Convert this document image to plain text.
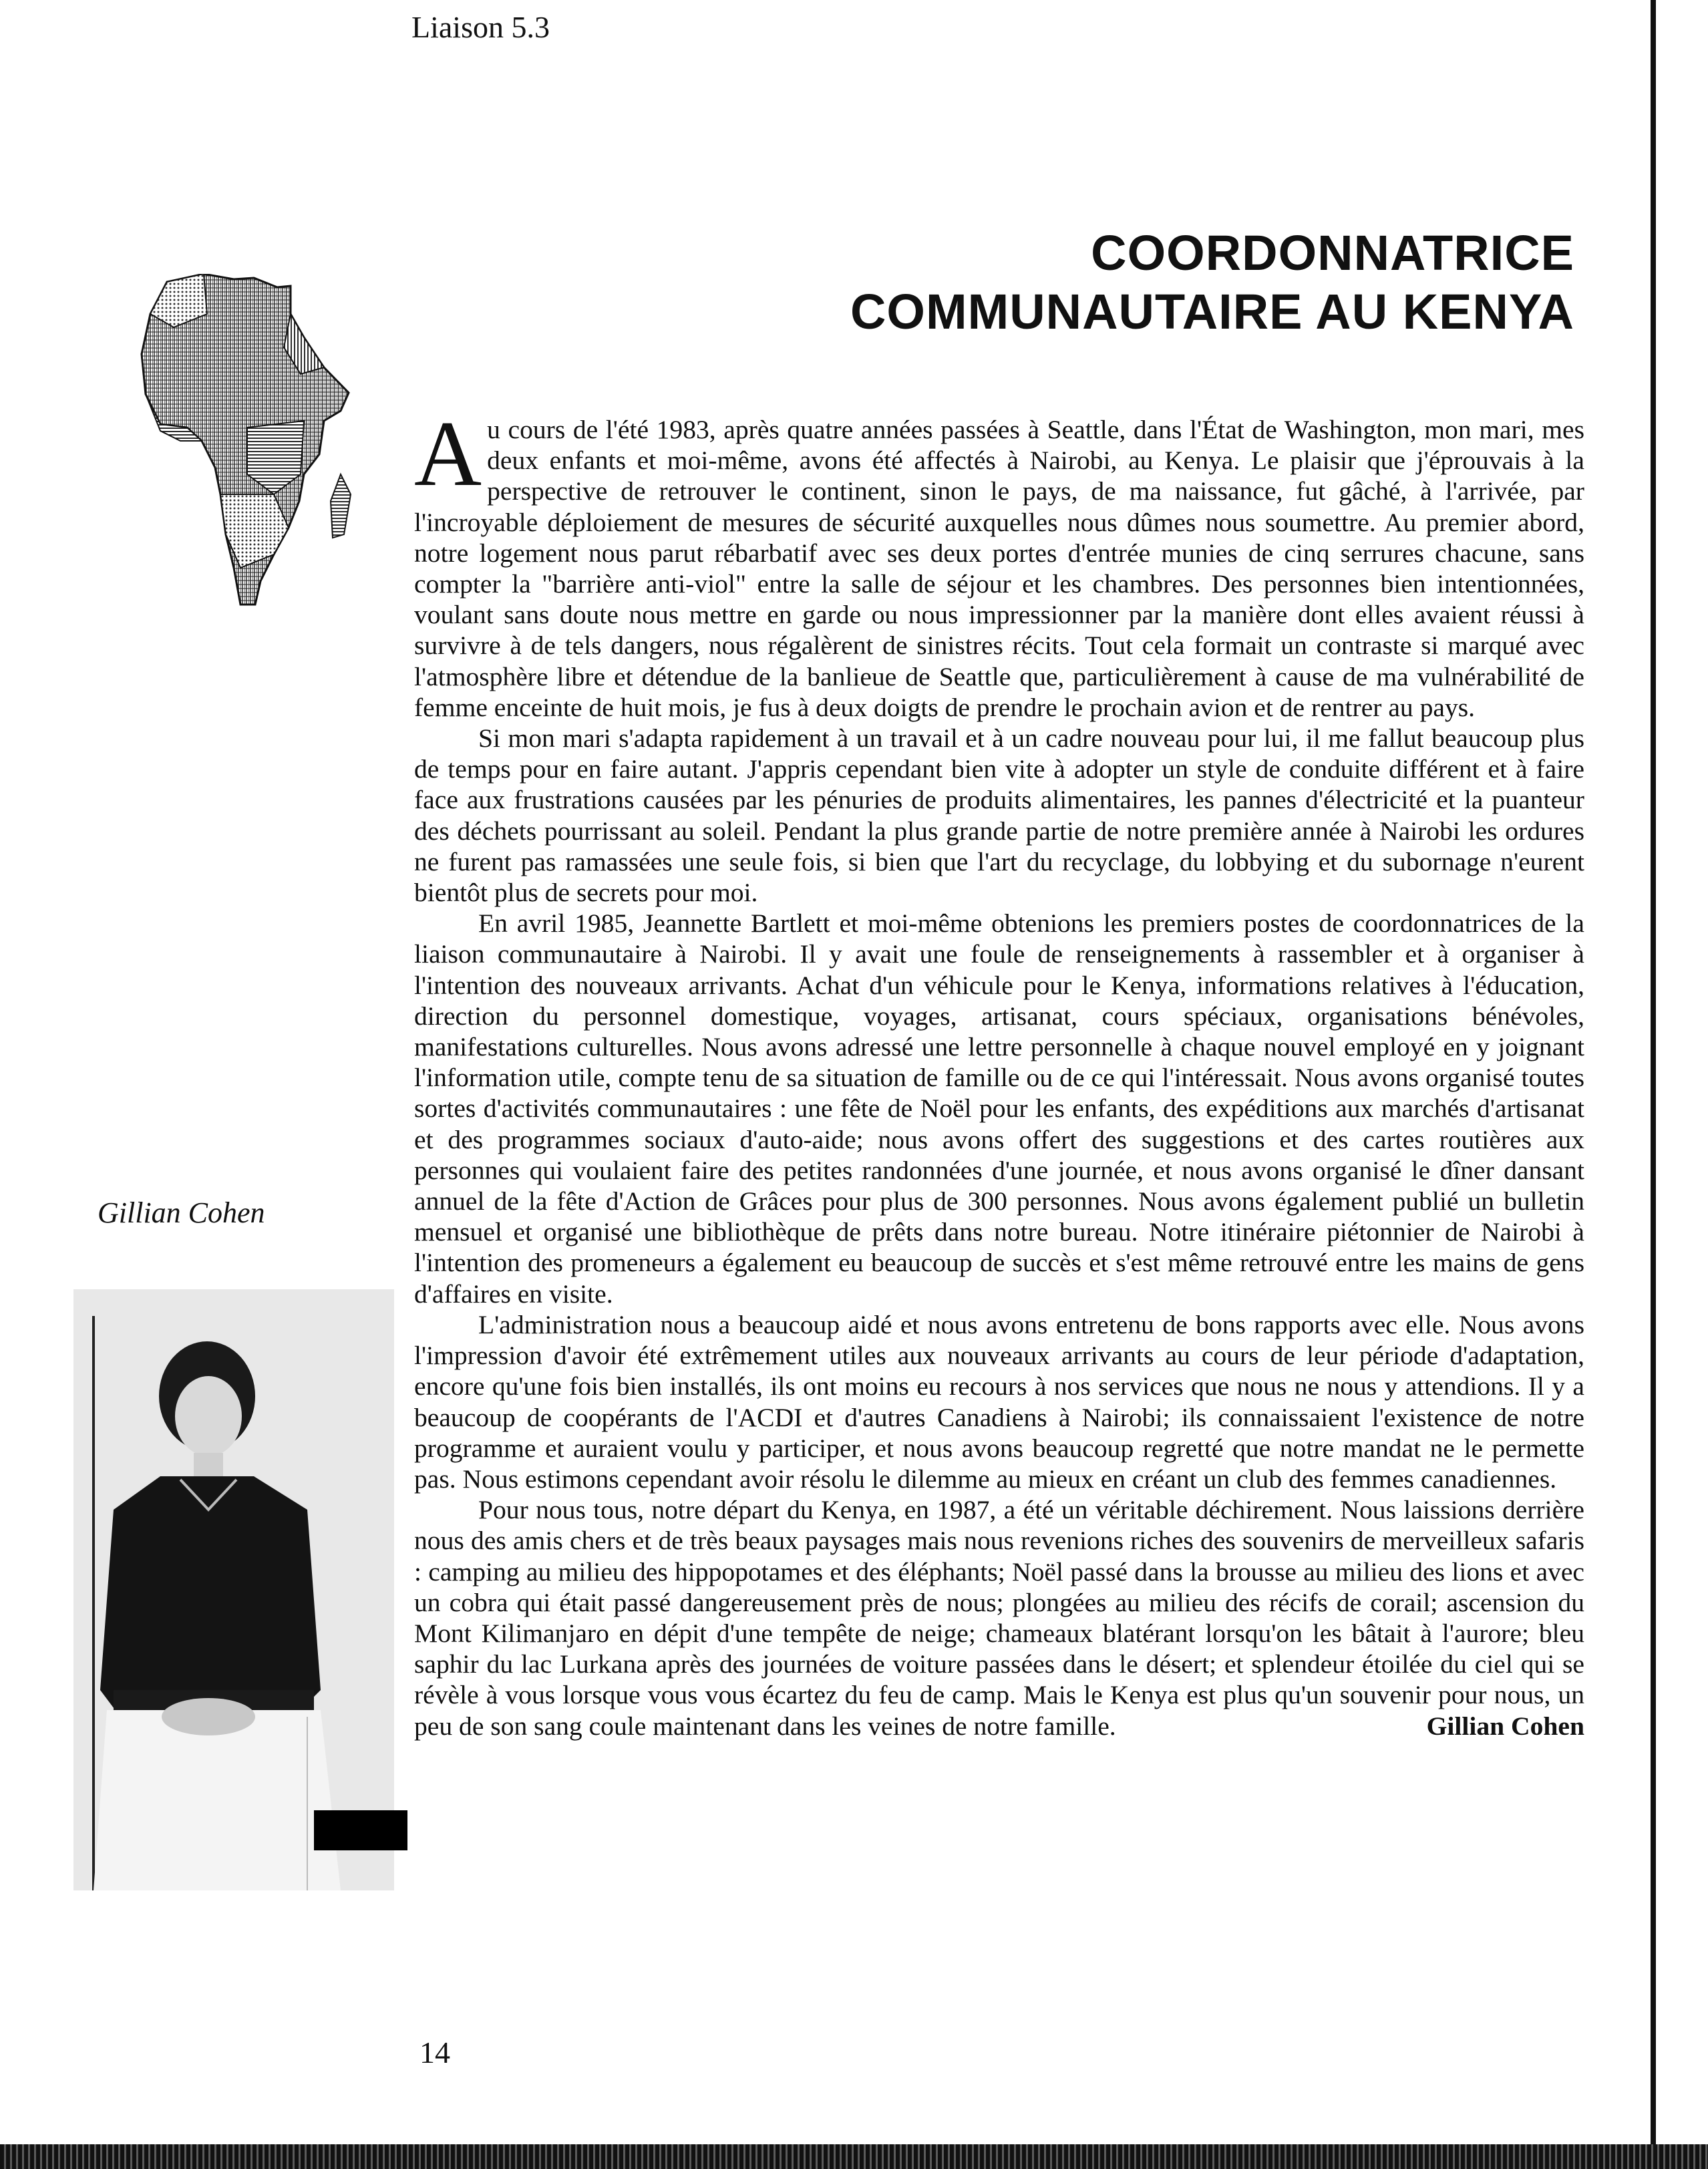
Liaison 5.3
COORDONNATRICE
COMMUNAUTAIRE AU KENYA
Gillian Cohen

Au cours de l'été 1983, après quatre années passées à Seattle, dans l'État de Washington, mon mari, mes deux enfants et moi-même, avons été affectés à Nairobi, au Kenya. Le plaisir que j'éprouvais à la perspective de retrouver le continent, sinon le pays, de ma naissance, fut gâché, à l'arrivée, par l'incroyable déploiement de mesures de sécurité auxquelles nous dûmes nous soumettre. Au premier abord, notre logement nous parut rébarbatif avec ses deux portes d'entrée munies de cinq serrures chacune, sans compter la "barrière anti-viol" entre la salle de séjour et les chambres. Des personnes bien intentionnées, voulant sans doute nous mettre en garde ou nous impressionner par la manière dont elles avaient réussi à survivre à de tels dangers, nous régalèrent de sinistres récits. Tout cela formait un contraste si marqué avec l'atmosphère libre et détendue de la banlieue de Seattle que, particulièrement à cause de ma vulnérabilité de femme enceinte de huit mois, je fus à deux doigts de prendre le prochain avion et de rentrer au pays.

Si mon mari s'adapta rapidement à un travail et à un cadre nouveau pour lui, il me fallut beaucoup plus de temps pour en faire autant. J'appris cependant bien vite à adopter un style de conduite différent et à faire face aux frustrations causées par les pénuries de produits alimentaires, les pannes d'électricité et la puanteur des déchets pourrissant au soleil. Pendant la plus grande partie de notre première année à Nairobi les ordures ne furent pas ramassées une seule fois, si bien que l'art du recyclage, du lobbying et du subornage n'eurent bientôt plus de secrets pour moi.

En avril 1985, Jeannette Bartlett et moi-même obtenions les premiers postes de coordonnatrices de la liaison communautaire à Nairobi. Il y avait une foule de renseignements à rassembler et à organiser à l'intention des nouveaux arrivants. Achat d'un véhicule pour le Kenya, informations relatives à l'éducation, direction du personnel domestique, voyages, artisanat, cours spéciaux, organisations bénévoles, manifestations culturelles. Nous avons adressé une lettre personnelle à chaque nouvel employé en y joignant l'information utile, compte tenu de sa situation de famille ou de ce qui l'intéressait. Nous avons organisé toutes sortes d'activités communautaires : une fête de Noël pour les enfants, des expéditions aux marchés d'artisanat et des programmes sociaux d'auto-aide; nous avons offert des suggestions et des cartes routières aux personnes qui voulaient faire des petites randonnées d'une journée, et nous avons organisé le dîner dansant annuel de la fête d'Action de Grâces pour plus de 300 personnes. Nous avons également publié un bulletin mensuel et organisé une bibliothèque de prêts dans notre bureau. Notre itinéraire piétonnier de Nairobi à l'intention des promeneurs a également eu beaucoup de succès et s'est même retrouvé entre les mains de gens d'affaires en visite.

L'administration nous a beaucoup aidé et nous avons entretenu de bons rapports avec elle. Nous avons l'impression d'avoir été extrêmement utiles aux nouveaux arrivants au cours de leur période d'adaptation, encore qu'une fois bien installés, ils ont moins eu recours à nos services que nous ne nous y attendions. Il y a beaucoup de coopérants de l'ACDI et d'autres Canadiens à Nairobi; ils connaissaient l'existence de notre programme et auraient voulu y participer, et nous avons beaucoup regretté que notre mandat ne le permette pas. Nous estimons cependant avoir résolu le dilemme au mieux en créant un club des femmes canadiennes.

Pour nous tous, notre départ du Kenya, en 1987, a été un véritable déchirement. Nous laissions derrière nous des amis chers et de très beaux paysages mais nous revenions riches des souvenirs de merveilleux safaris : camping au milieu des hippopotames et des éléphants; Noël passé dans la brousse au milieu des lions et avec un cobra qui était passé dangereusement près de nous; plongées au milieu des récifs de corail; ascension du Mont Kilimanjaro en dépit d'une tempête de neige; chameaux blatérant lorsqu'on les bâtait à l'aurore; bleu saphir du lac Lurkana après des journées de voiture passées dans le désert; et splendeur étoilée du ciel qui se révèle à vous lorsque vous vous écartez du feu de camp. Mais le Kenya est plus qu'un souvenir pour nous, un peu de son sang coule maintenant dans les veines de notre famille.	Gillian Cohen

14
